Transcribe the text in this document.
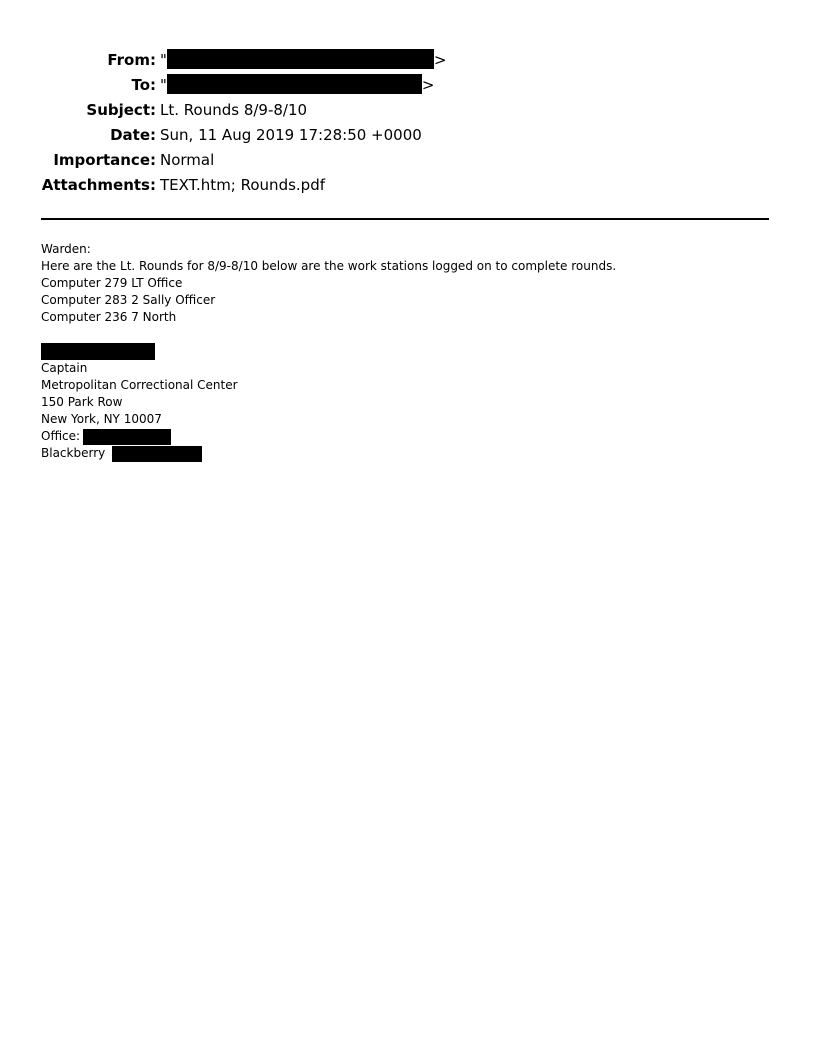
From: "	>
To: "	>
Subject: Lt. Rounds 8/9-8/10
Date: Sun, 11 Aug 2019 17:28:50 +0000
Importance: Normal
Attachments: TEXT.htm; Rounds.pdf
Warden:
Here are the Lt. Rounds for 8/9-8/10 below are the work stations logged on to complete rounds.
Computer 279 LT Office
Computer 283 2 Sally Officer
Computer 236 7 North
Captain
Metropolitan Correctional Center
150 Park Row
New York, NY 10007
Office:
Blackberry
